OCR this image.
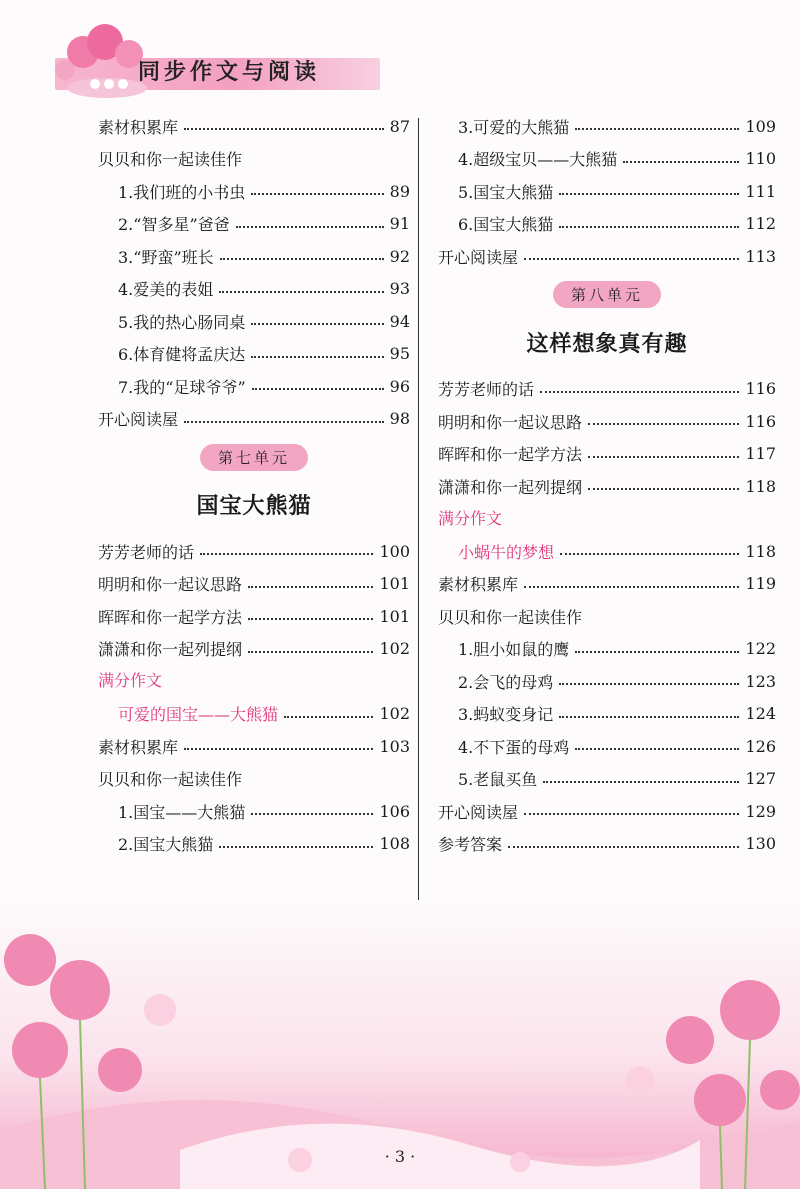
同步作文与阅读
素材积累库	87
贝贝和你一起读佳作
1.我们班的小书虫	89
2.“智多星”爸爸	91
3.“野蛮”班长	92
4.爱美的表姐	93
5.我的热心肠同桌	94
6.体育健将孟庆达	95
7.我的“足球爷爷”	96
开心阅读屋	98
第七单元
国宝大熊猫
芳芳老师的话	100
明明和你一起议思路	101
晖晖和你一起学方法	101
潇潇和你一起列提纲	102
满分作文
可爱的国宝——大熊猫	102
素材积累库	103
贝贝和你一起读佳作
1.国宝——大熊猫	106
2.国宝大熊猫	108
3.可爱的大熊猫	109
4.超级宝贝——大熊猫	110
5.国宝大熊猫	111
6.国宝大熊猫	112
开心阅读屋	113
第八单元
这样想象真有趣
芳芳老师的话	116
明明和你一起议思路	116
晖晖和你一起学方法	117
潇潇和你一起列提纲	118
满分作文
小蜗牛的梦想	118
素材积累库	119
贝贝和你一起读佳作
1.胆小如鼠的鹰	122
2.会飞的母鸡	123
3.蚂蚁变身记	124
4.不下蛋的母鸡	126
5.老鼠买鱼	127
开心阅读屋	129
参考答案	130
· 3 ·
